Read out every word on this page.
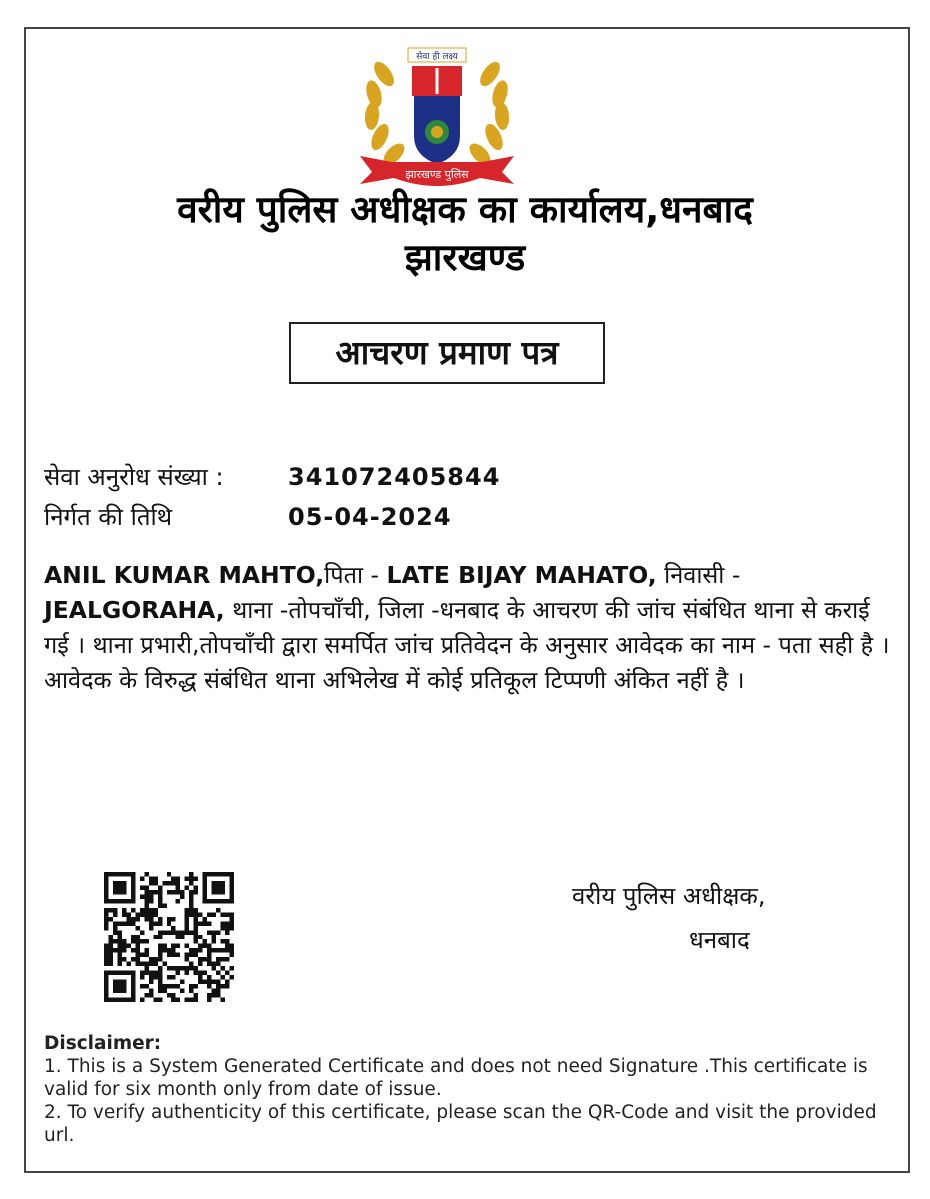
सेवा ही लक्ष्य
झारखण्ड पुलिस
वरीय पुलिस अधीक्षक का कार्यालय,धनबाद
झारखण्ड
आचरण प्रमाण पत्र
सेवा अनुरोध संख्या :	341072405844
निर्गत की तिथि	05-04-2024
ANIL KUMAR MAHTO,पिता - LATE BIJAY MAHATO, निवासी - JEALGORAHA, थाना -तोपचाँची, जिला -धनबाद के आचरण की जांच संबंधित थाना से कराई गई । थाना प्रभारी,तोपचाँची द्वारा समर्पित जांच प्रतिवेदन के अनुसार आवेदक का नाम - पता सही है । आवेदक के विरुद्ध संबंधित थाना अभिलेख में कोई प्रतिकूल टिप्पणी अंकित नहीं है ।
वरीय पुलिस अधीक्षक,
धनबाद
Disclaimer:
1. This is a System Generated Certificate and does not need Signature .This certificate is valid for six month only from date of issue.
2. To verify authenticity of this certificate, please scan the QR-Code and visit the provided url.
